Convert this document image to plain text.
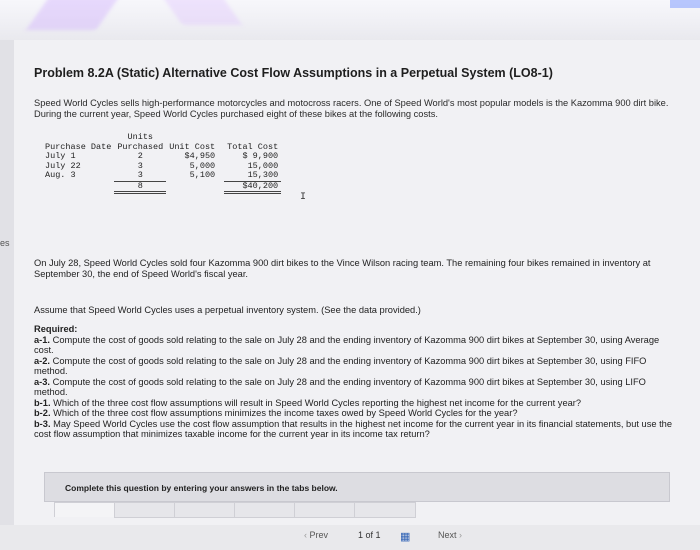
es
Problem 8.2A (Static) Alternative Cost Flow Assumptions in a Perpetual System (LO8-1)
Speed World Cycles sells high-performance motorcycles and motocross racers. One of Speed World's most popular models is the Kazomma 900 dirt bike. During the current year, Speed World Cycles purchased eight of these bikes at the following costs.
	Units			
Purchase Date	Purchased	Unit Cost		Total Cost
July 1	2	$4,950		$ 9,900
July 22	3	5,000		15,000
Aug. 3	3	5,100		15,300
	8			$40,200
I
On July 28, Speed World Cycles sold four Kazomma 900 dirt bikes to the Vince Wilson racing team. The remaining four bikes remained in inventory at September 30, the end of Speed World's fiscal year.
Assume that Speed World Cycles uses a perpetual inventory system. (See the data provided.)
Required:
a-1. Compute the cost of goods sold relating to the sale on July 28 and the ending inventory of Kazomma 900 dirt bikes at September 30, using Average cost.
a-2. Compute the cost of goods sold relating to the sale on July 28 and the ending inventory of Kazomma 900 dirt bikes at September 30, using FIFO method.
a-3. Compute the cost of goods sold relating to the sale on July 28 and the ending inventory of Kazomma 900 dirt bikes at September 30, using LIFO method.
b-1. Which of the three cost flow assumptions will result in Speed World Cycles reporting the highest net income for the current year?
b-2. Which of the three cost flow assumptions minimizes the income taxes owed by Speed World Cycles for the year?
b-3. May Speed World Cycles use the cost flow assumption that results in the highest net income for the current year in its financial statements, but use the cost flow assumption that minimizes taxable income for the current year in its income tax return?
Complete this question by entering your answers in the tabs below.
‹ Prev	1 of 1 ▦	Next ›
